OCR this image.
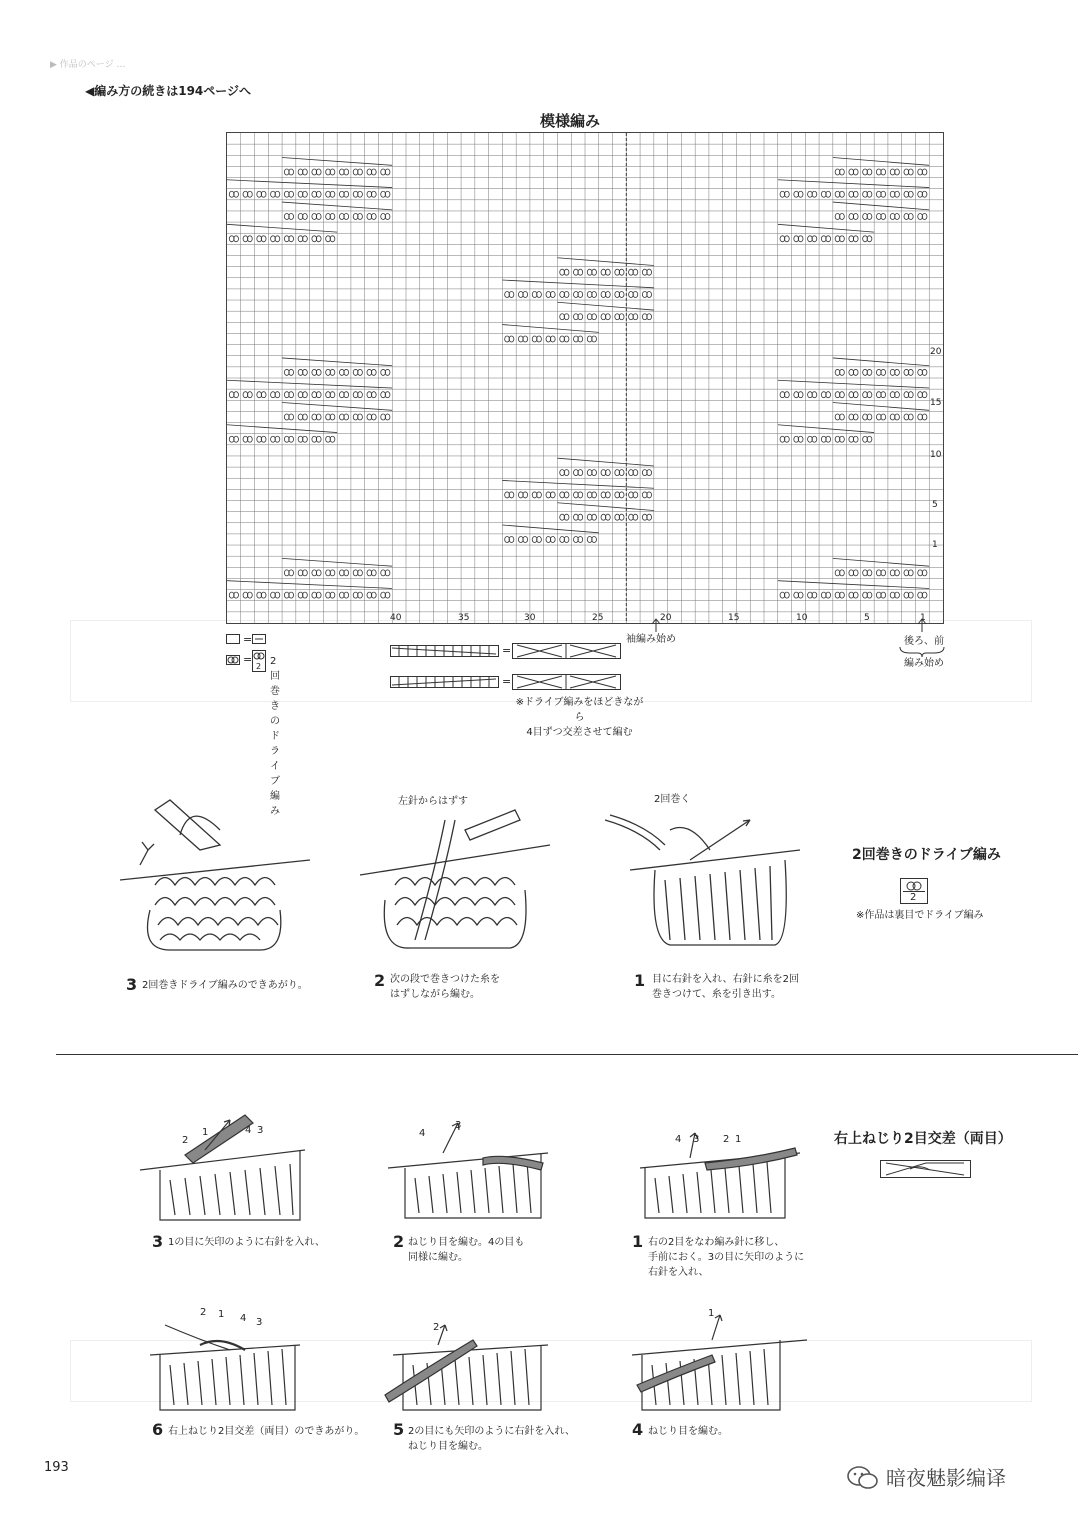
▶ 作品のページ …
◀編み方の続きは194ページへ
模様編み
40	35	30	25	20	15	10	5	1
20
15
10
5
1
袖編み始め	後ろ、前
編み始め
=
=
2 2回巻きのドライブ編み
=
=
※ドライブ編みをほどきながら
4目ずつ交差させて編む
左針からはずす	2回巻く
2回巻きのドライブ編み
2
※作品は裏目でドライブ編み
3 2回巻きドライブ編みのできあがり。	2 次の段で巻きつけた糸を
はずしながら編む。
1 目に右針を入れ、右針に糸を2回
巻きつけて、糸を引き出す。
右上ねじり2目交差（両目）
2
1	4 3	4
3
4 3 2 1
3 1の目に矢印のように右針を入れ、	2 ねじり目を編む。4の目も
同様に編む。
1 右の2目をなわ編み針に移し、
手前におく。3の目に矢印のように
右針を入れ、
2 1 4 3	2
1
6 右上ねじり2目交差（両目）のできあがり。 5 2の目にも矢印のように右針を入れ、
ねじり目を編む。
4 ねじり目を編む。
193	暗夜魅影编译
